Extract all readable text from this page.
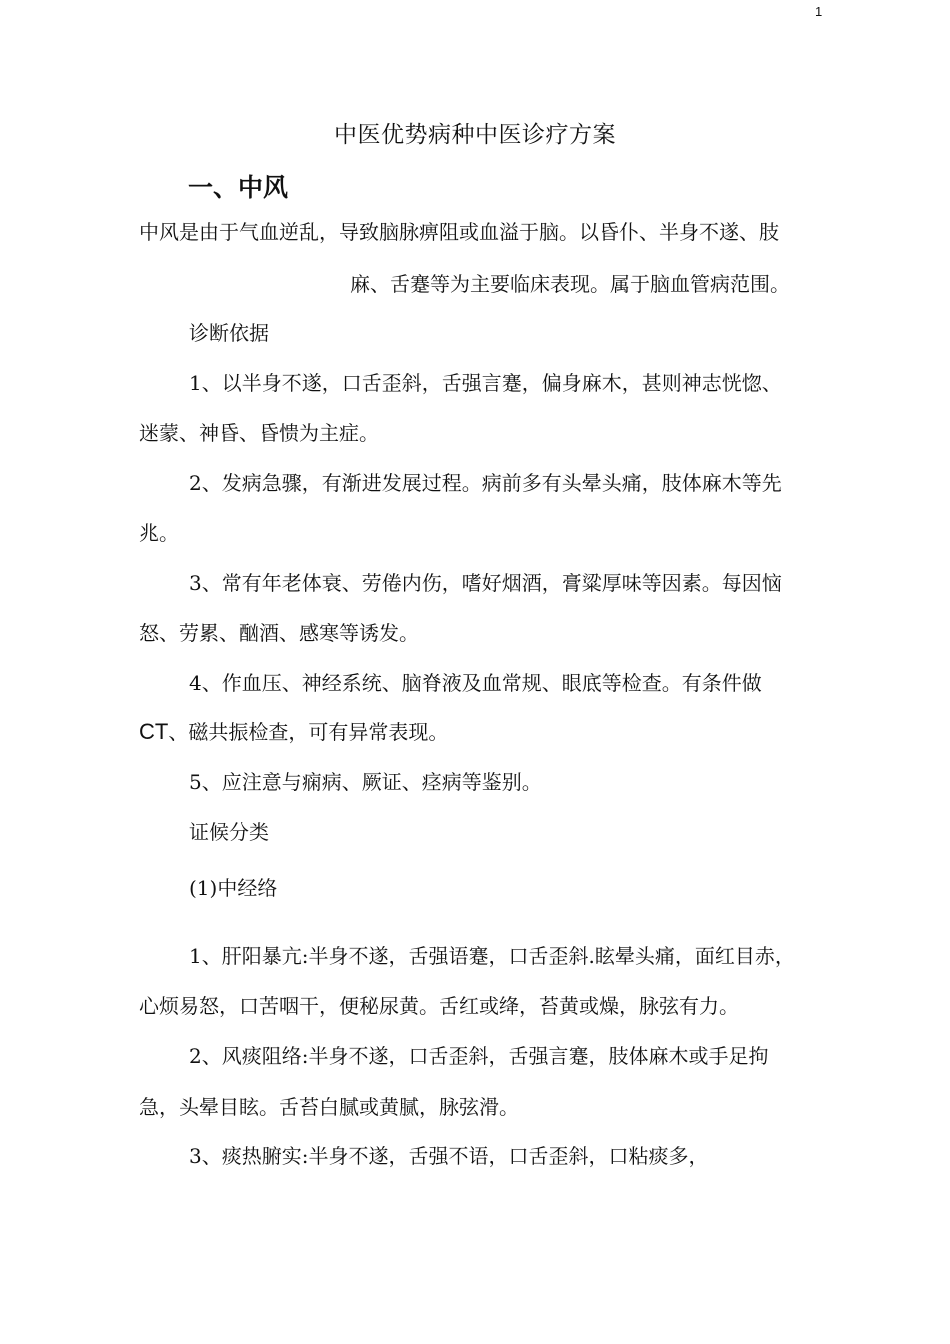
1
中医优势病种中医诊疗方案
一、中风
中风是由于气血逆乱，导致脑脉痹阻或血溢于脑。以昏仆、半身不遂、肢
麻、舌蹇等为主要临床表现。属于脑血管病范围。
诊断依据
1、以半身不遂，口舌歪斜，舌强言蹇，偏身麻木，甚则神志恍惚、
迷蒙、神昏、昏愦为主症。
2、发病急骤，有渐进发展过程。病前多有头晕头痛，肢体麻木等先
兆。
3、常有年老体衰、劳倦内伤，嗜好烟酒，膏粱厚味等因素。每因恼
怒、劳累、酗酒、感寒等诱发。
4、作血压、神经系统、脑脊液及血常规、眼底等检查。有条件做
CT、磁共振检查，可有异常表现。
5、应注意与痫病、厥证、痉病等鉴别。
证候分类
(1)中经络
1、肝阳暴亢:半身不遂，舌强语蹇，口舌歪斜.眩晕头痛，面红目赤，
心烦易怒，口苦咽干，便秘尿黄。舌红或绛，苔黄或燥，脉弦有力。
2、风痰阻络:半身不遂，口舌歪斜，舌强言蹇，肢体麻木或手足拘
急，头晕目眩。舌苔白腻或黄腻，脉弦滑。
3、痰热腑实:半身不遂，舌强不语，口舌歪斜，口粘痰多，
